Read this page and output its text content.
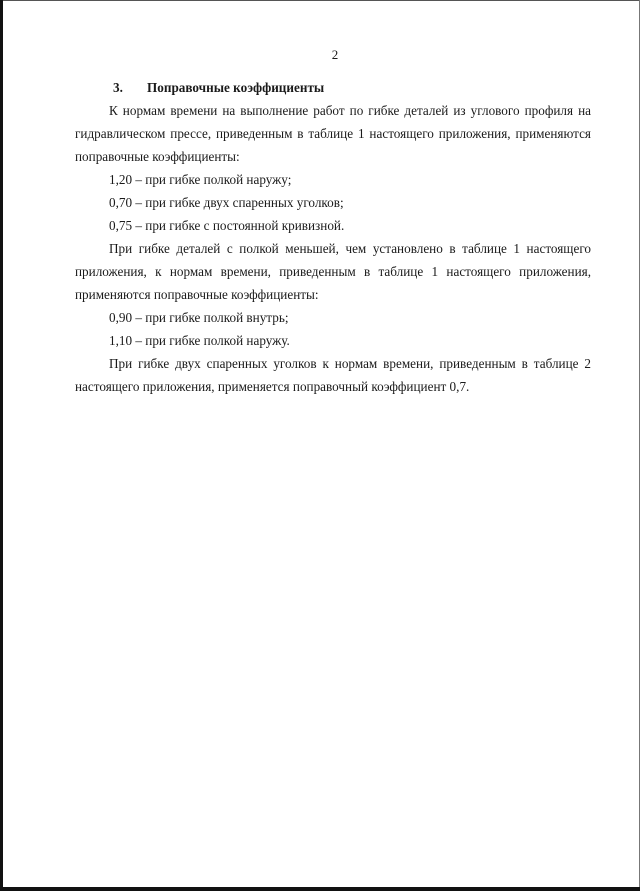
2
3. Поправочные коэффициенты

К нормам времени на выполнение работ по гибке деталей из углового профиля на гидравлическом прессе, приведенным в таблице 1 настоящего приложения, применяются поправочные коэффициенты:

1,20 – при гибке полкой наружу;

0,70 – при гибке двух спаренных уголков;

0,75 – при гибке с постоянной кривизной.

При гибке деталей с полкой меньшей, чем установлено в таблице 1 настоящего приложения, к нормам времени, приведенным в таблице 1 настоящего приложения, применяются поправочные коэффициенты:

0,90 – при гибке полкой внутрь;

1,10 – при гибке полкой наружу.

При гибке двух спаренных уголков к нормам времени, приведенным в таблице 2
настоящего приложения, применяется поправочный коэффициент 0,7.
